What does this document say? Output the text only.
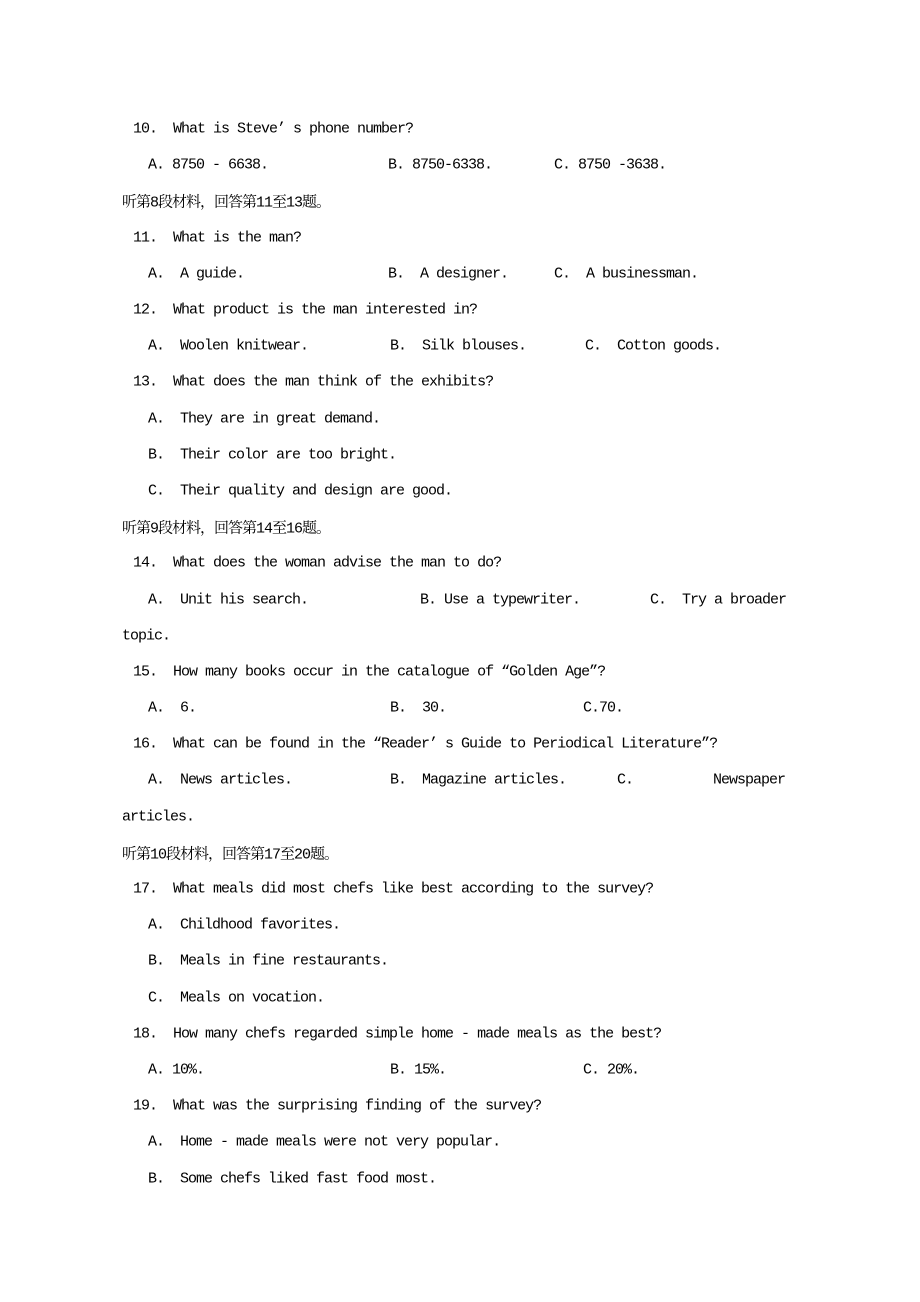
10.  What is Steve’ s phone number?

A. 8750 - 6638.

	B. 8750-6338.

	C. 8750 -3638.

听第8段材料，回答第11至13题。

11.  What is the man?

A.  A guide.

	B.  A designer.

	C.  A businessman.

12.  What product is the man interested in?

A.  Woolen knitwear.

	B.  Silk blouses.

	C.  Cotton goods.

13.  What does the man think of the exhibits?

A.  They are in great demand.

B.  Their color are too bright.

C.  Their quality and design are good.

听第9段材料，回答第14至16题。

14.  What does the woman advise the man to do?

A.  Unit his search.

	B. Use a typewriter.

	C.  Try a broader

topic.

15.  How many books occur in the catalogue of “Golden Age”?

A.  6.

	B.  30.

	C.70.

16.  What can be found in the “Reader’ s Guide to Periodical Literature”?

A.  News articles.

	B.  Magazine articles.

	C.

	Newspaper

articles.

听第10段材料，回答第17至20题。

17.  What meals did most chefs like best according to the survey?

A.  Childhood favorites.

B.  Meals in fine restaurants.

C.  Meals on vocation.

18.  How many chefs regarded simple home - made meals as the best?

A. 10%.

	B. 15%.

	C. 20%.

19.  What was the surprising finding of the survey?

A.  Home - made meals were not very popular.

B.  Some chefs liked fast food most.
